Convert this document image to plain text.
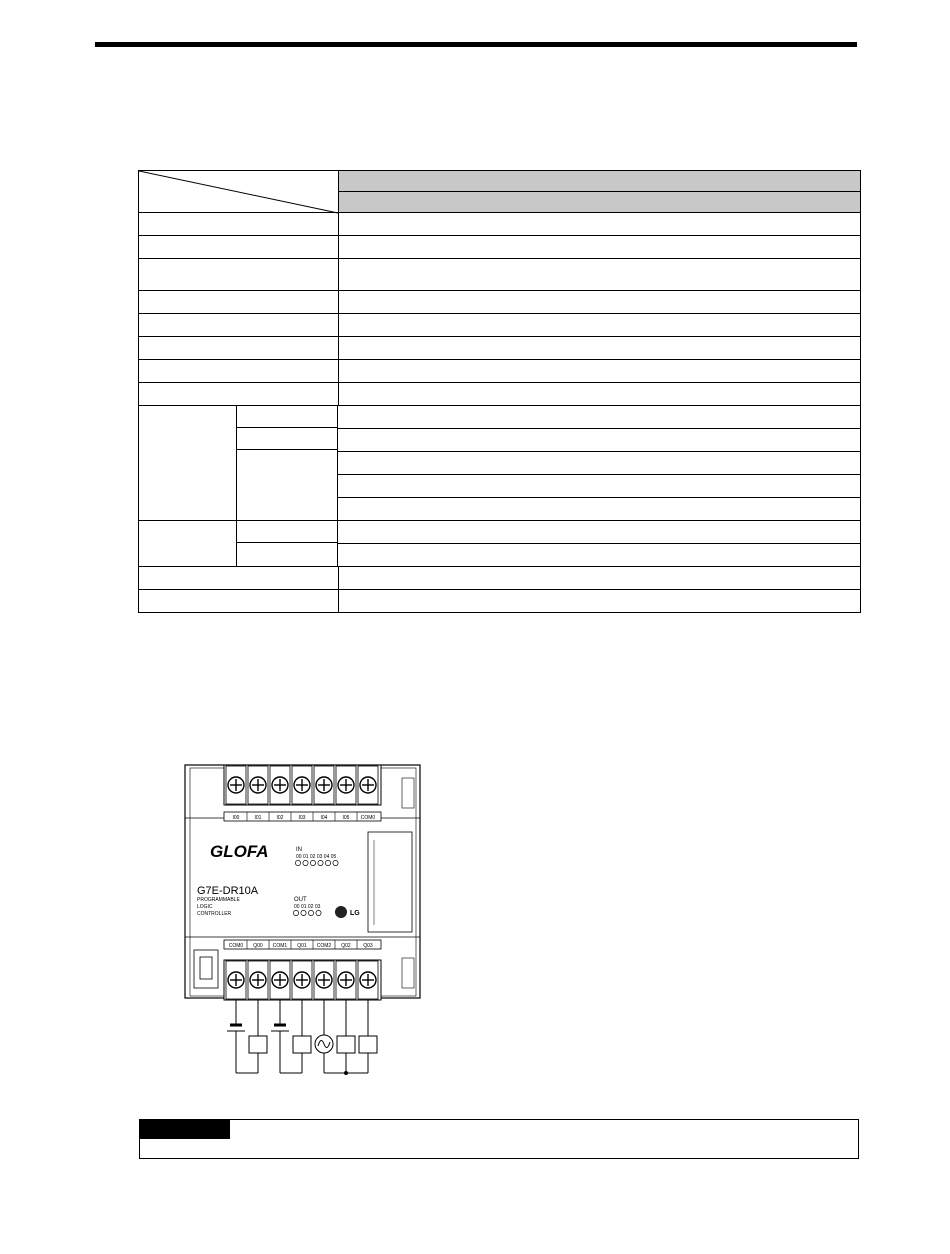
I00	I01	I02	I03	I04	I05 COM0
GLOFA	IN
00 01 02 03 04 05
G7E-DR10A
PROGRAMMABLE
LOGIC
CONTROLLER
OUT
00 01 02 03
LG
COM0 Q00 COM1 Q01 COM2 Q02	Q03
